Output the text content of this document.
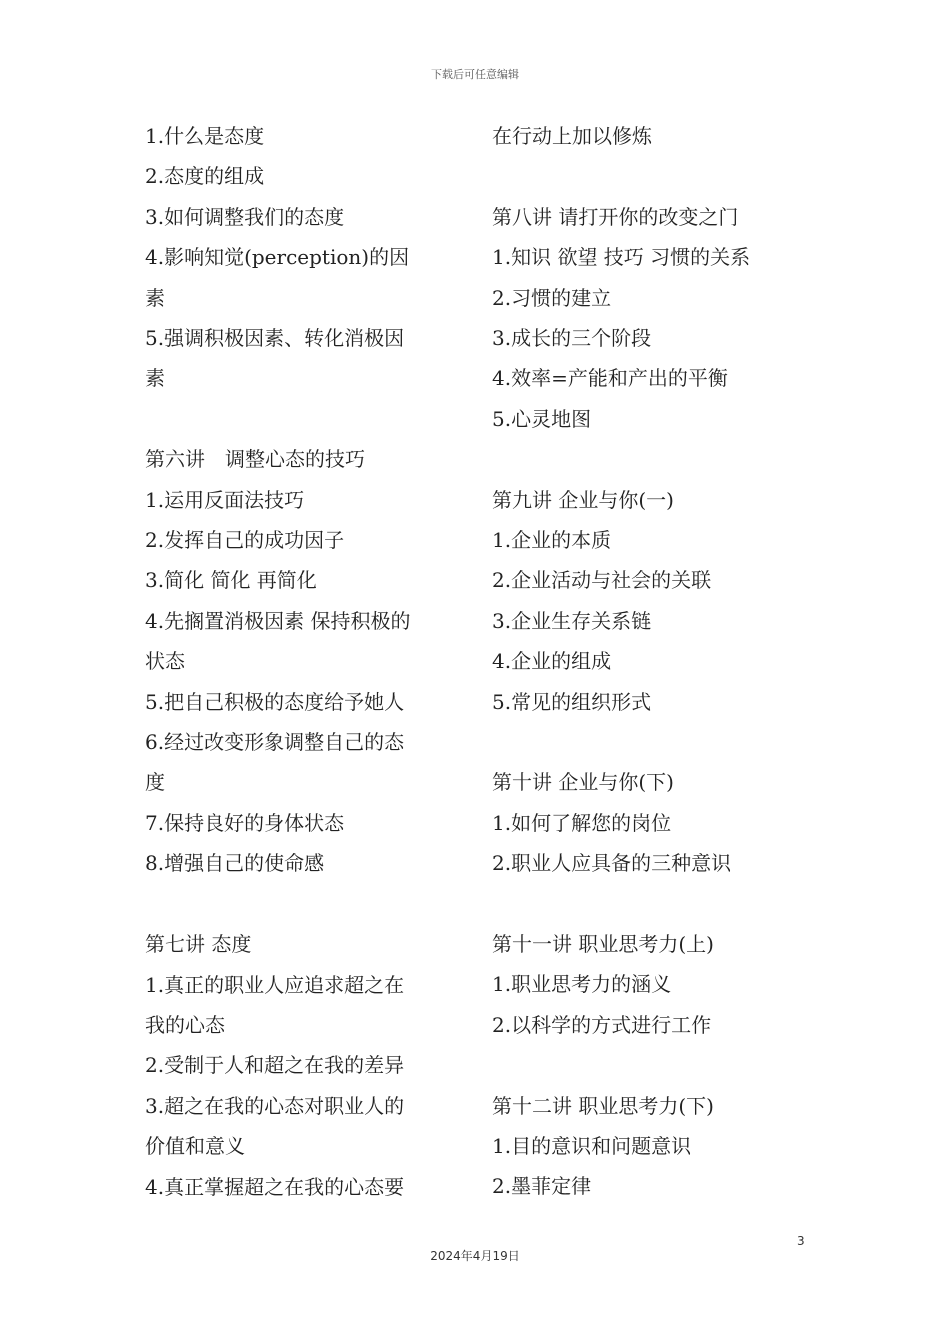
下载后可任意编辑
1.什么是态度
2.态度的组成
3.如何调整我们的态度
4.影响知觉(perception)的因
素
5.强调积极因素、转化消极因
素
第六讲　调整心态的技巧
1.运用反面法技巧
2.发挥自己的成功因子
3.简化 简化 再简化
4.先搁置消极因素 保持积极的
状态
5.把自己积极的态度给予她人
6.经过改变形象调整自己的态
度
7.保持良好的身体状态
8.增强自己的使命感
第七讲 态度
1.真正的职业人应追求超之在
我的心态
2.受制于人和超之在我的差异
3.超之在我的心态对职业人的
价值和意义
4.真正掌握超之在我的心态要
在行动上加以修炼
第八讲 请打开你的改变之门
1.知识 欲望 技巧 习惯的关系
2.习惯的建立
3.成长的三个阶段
4.效率=产能和产出的平衡
5.心灵地图
第九讲 企业与你(一)
1.企业的本质
2.企业活动与社会的关联
3.企业生存关系链
4.企业的组成
5.常见的组织形式
第十讲 企业与你(下)
1.如何了解您的岗位
2.职业人应具备的三种意识
第十一讲 职业思考力(上)
1.职业思考力的涵义
2.以科学的方式进行工作
第十二讲 职业思考力(下)
1.目的意识和问题意识
2.墨菲定律
3
2024年4月19日
